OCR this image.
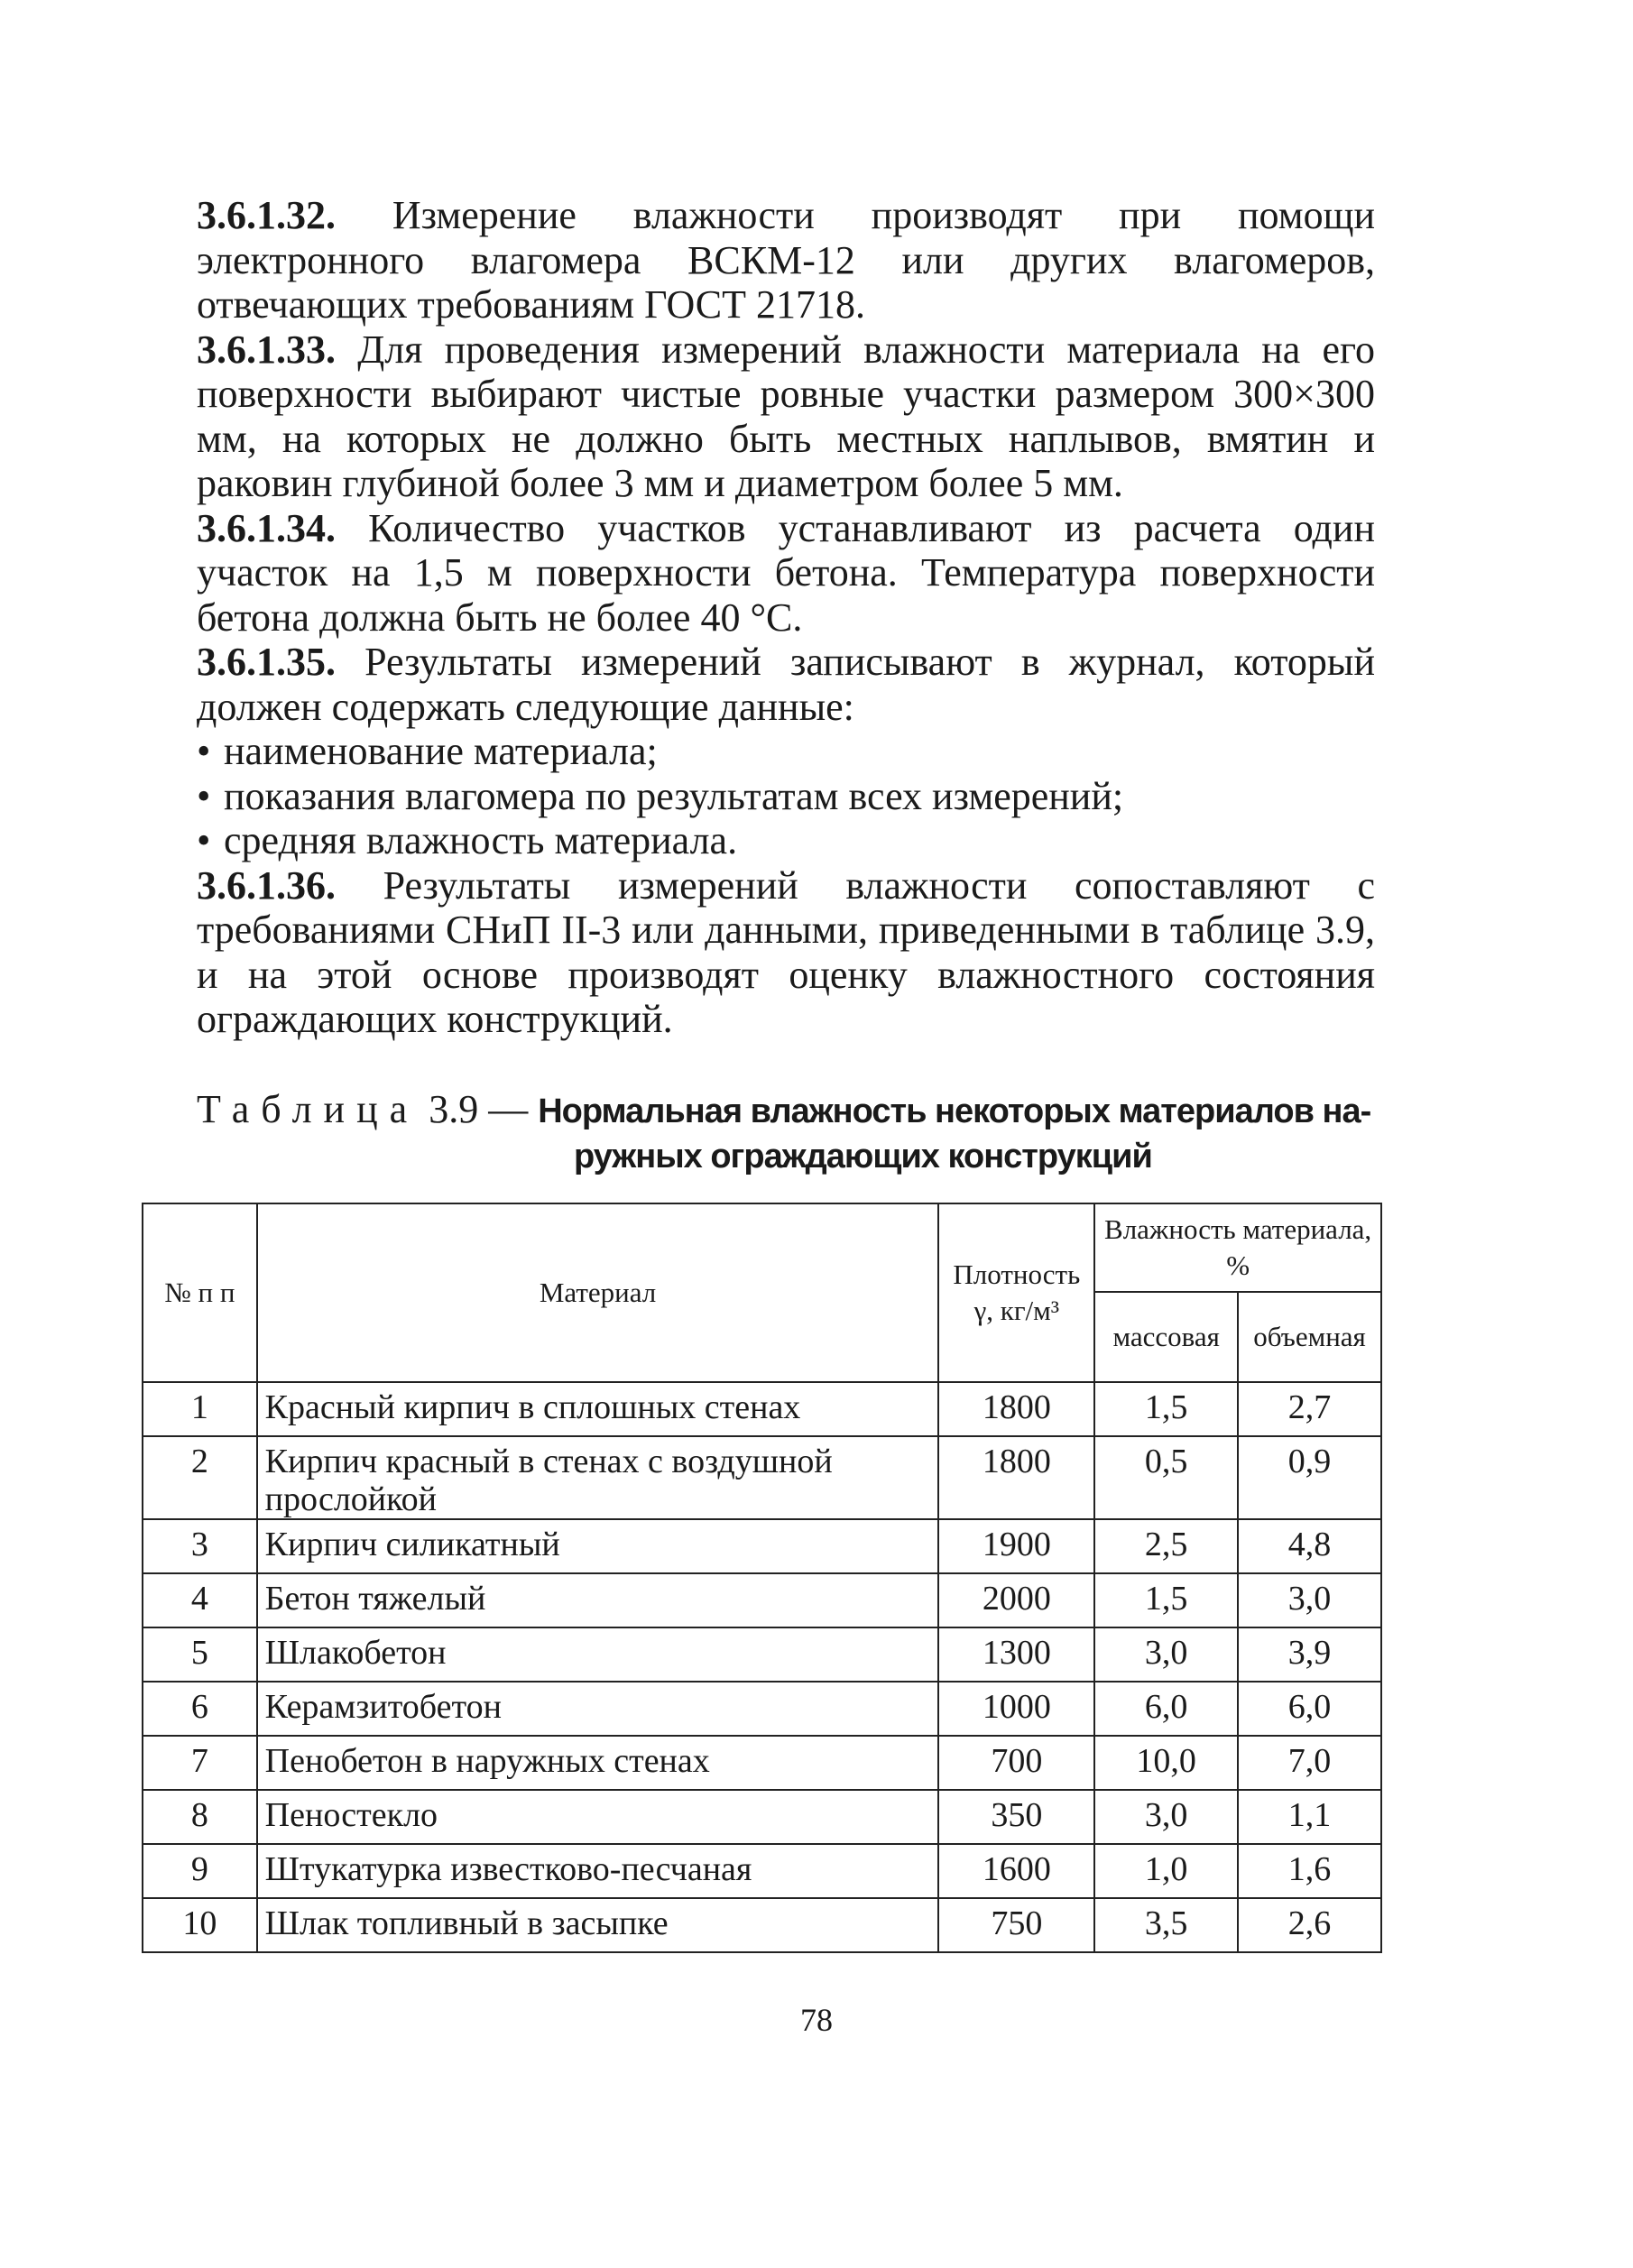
3.6.1.32. Измерение влажности производят при помощи электронного влагомера ВСКМ-12 или других влагомеров, отвечающих требованиям ГОСТ 21718.

3.6.1.33. Для проведения измерений влажности материала на его поверхности выбирают чистые ровные участки размером 300×300 мм, на которых не должно быть местных наплывов, вмятин и раковин глубиной более 3 мм и диаметром более 5 мм.

3.6.1.34. Количество участков устанавливают из расчета один участок на 1,5 м поверхности бетона. Температура поверхности бетона должна быть не более 40 °С.

3.6.1.35. Результаты измерений записывают в журнал, который должен содержать следующие данные:

• наименование материала;
• показания влагомера по результатам всех измерений;
• средняя влажность материала.

3.6.1.36. Результаты измерений влажности сопоставляют с требованиями СНиП II-3 или данными, приведенными в таблице 3.9, и на этой основе производят оценку влажностного состояния ограждающих конструкций.

Таблица 3.9 — Нормальная влажность некоторых материалов на-
ружных ограждающих конструкций
№ п п	Материал	Плотность γ, кг/м³	Влажность материала, %	
			массовая	объемная
1	Красный кирпич в сплошных стенах	1800	1,5	2,7
2	Кирпич красный в стенах с воздушной прослойкой	1800	0,5	0,9
3	Кирпич силикатный	1900	2,5	4,8
4	Бетон тяжелый	2000	1,5	3,0
5	Шлакобетон	1300	3,0	3,9
6	Керамзитобетон	1000	6,0	6,0
7	Пенобетон в наружных стенах	700	10,0	7,0
8	Пеностекло	350	3,0	1,1
9	Штукатурка известково-песчаная	1600	1,0	1,6
10	Шлак топливный в засыпке	750	3,5	2,6
78
